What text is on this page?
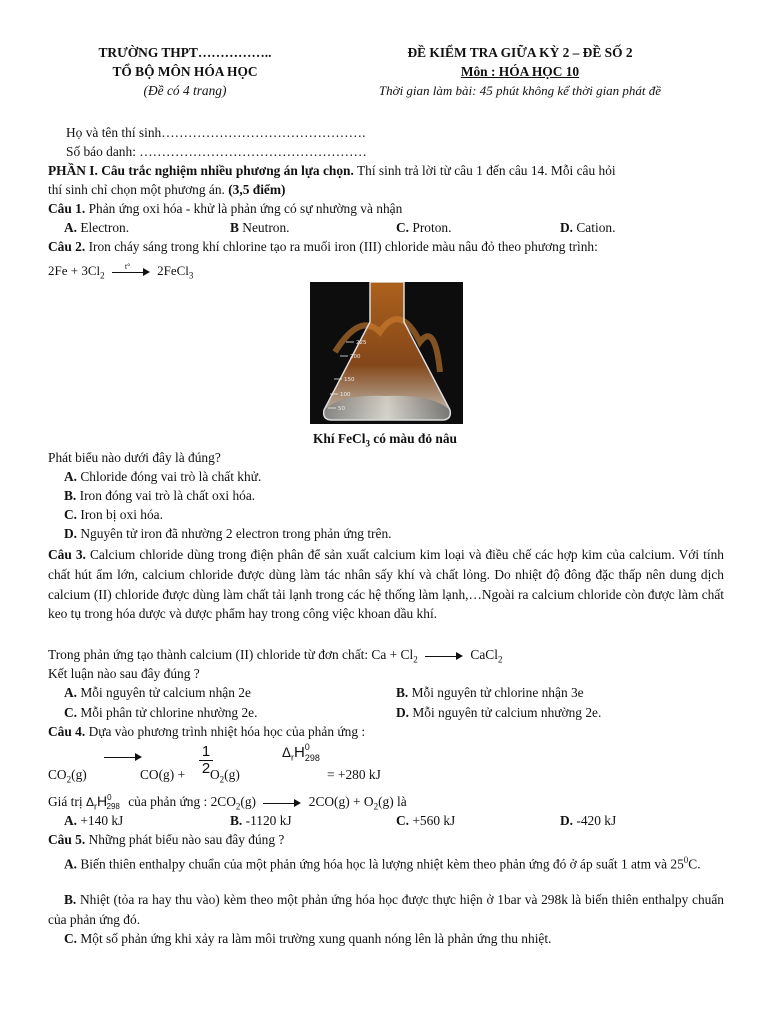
TRƯỜNG THPT……………..
TỔ BỘ MÔN HÓA HỌC
(Đề có 4 trang)
ĐỀ KIỂM TRA GIỮA KỲ 2 – ĐỀ SỐ 2
Môn : HÓA HỌC 10
Thời gian làm bài: 45 phút không kể thời gian phát đề
Họ và tên thí sinh……………………………………….
Số báo danh: ……………………………………………
PHẦN I. Câu trắc nghiệm nhiều phương án lựa chọn. Thí sinh trả lời từ câu 1 đến câu 14. Mỗi câu hỏi
thí sinh chỉ chọn một phương án. (3,5 điểm)
Câu 1. Phản ứng oxi hóa - khử là phản ứng có sự nhường và nhận
A. Electron.	B Neutron.	C. Proton.	D. Cation.
Câu 2. Iron cháy sáng trong khí chlorine tạo ra muối iron (III) chloride màu nâu đỏ theo phương trình:
$2Fe + 3Cl_2$
t° 2FeCl$_3$
225
200
150
100
50
Khí FeCl$_3$ có màu đỏ nâu
Phát biểu nào dưới đây là đúng?
A. Chloride đóng vai trò là chất khử.
B. Iron đóng vai trò là chất oxi hóa.
C. Iron bị oxi hóa.
D. Nguyên tử iron đã nhường 2 electron trong phản ứng trên.
Câu 3. Calcium chloride dùng trong điện phân để sản xuất calcium kim loại và điều chế các hợp kim của calcium. Với tính chất hút ẩm lớn, calcium chloride được dùng làm tác nhân sấy khí và chất lỏng. Do nhiệt độ đông đặc thấp nên dung dịch calcium (II) chloride được dùng làm chất tải lạnh trong các hệ thống làm lạnh,…Ngoài ra calcium chloride còn được làm chất keo tụ trong hóa dược và dược phẩm hay trong công việc khoan dầu khí.
Trong phản ứng tạo thành calcium (II) chloride từ đơn chất: $Ca + Cl_2$	CaCl$_2$
Kết luận nào sau đây đúng ?
A. Mỗi nguyên tử calcium nhận 2e	B. Mỗi nguyên tử chlorine nhận 3e
C. Mỗi phân tử chlorine nhường 2e.	D. Mỗi nguyên tử calcium nhường 2e.
Câu 4. Dựa vào phương trình nhiệt hóa học của phản ứng :
$CO_2(g)$	$CO(g) + \frac{1}{2}$
$O_2(g)$
$\Delta_rH0298$
= +280 kJ
Giá trị $\Delta_rH0298$ của phản ứng : $2CO_2(g)$	$2CO(g) + O_2(g)$ là
A. +140 kJ	B. -1120 kJ	C. +560 kJ	D. -420 kJ
Câu 5. Những phát biểu nào sau đây đúng ?
A. Biến thiên enthalpy chuẩn của một phản ứng hóa học là lượng nhiệt kèm theo phản ứng đó ở áp suất 1 atm và $25^0C$.
B. Nhiệt (tỏa ra hay thu vào) kèm theo một phản ứng hóa học được thực hiện ở 1bar và 298k là biến thiên enthalpy chuẩn của phản ứng đó.
C. Một số phản ứng khi xảy ra làm môi trường xung quanh nóng lên là phản ứng thu nhiệt.
